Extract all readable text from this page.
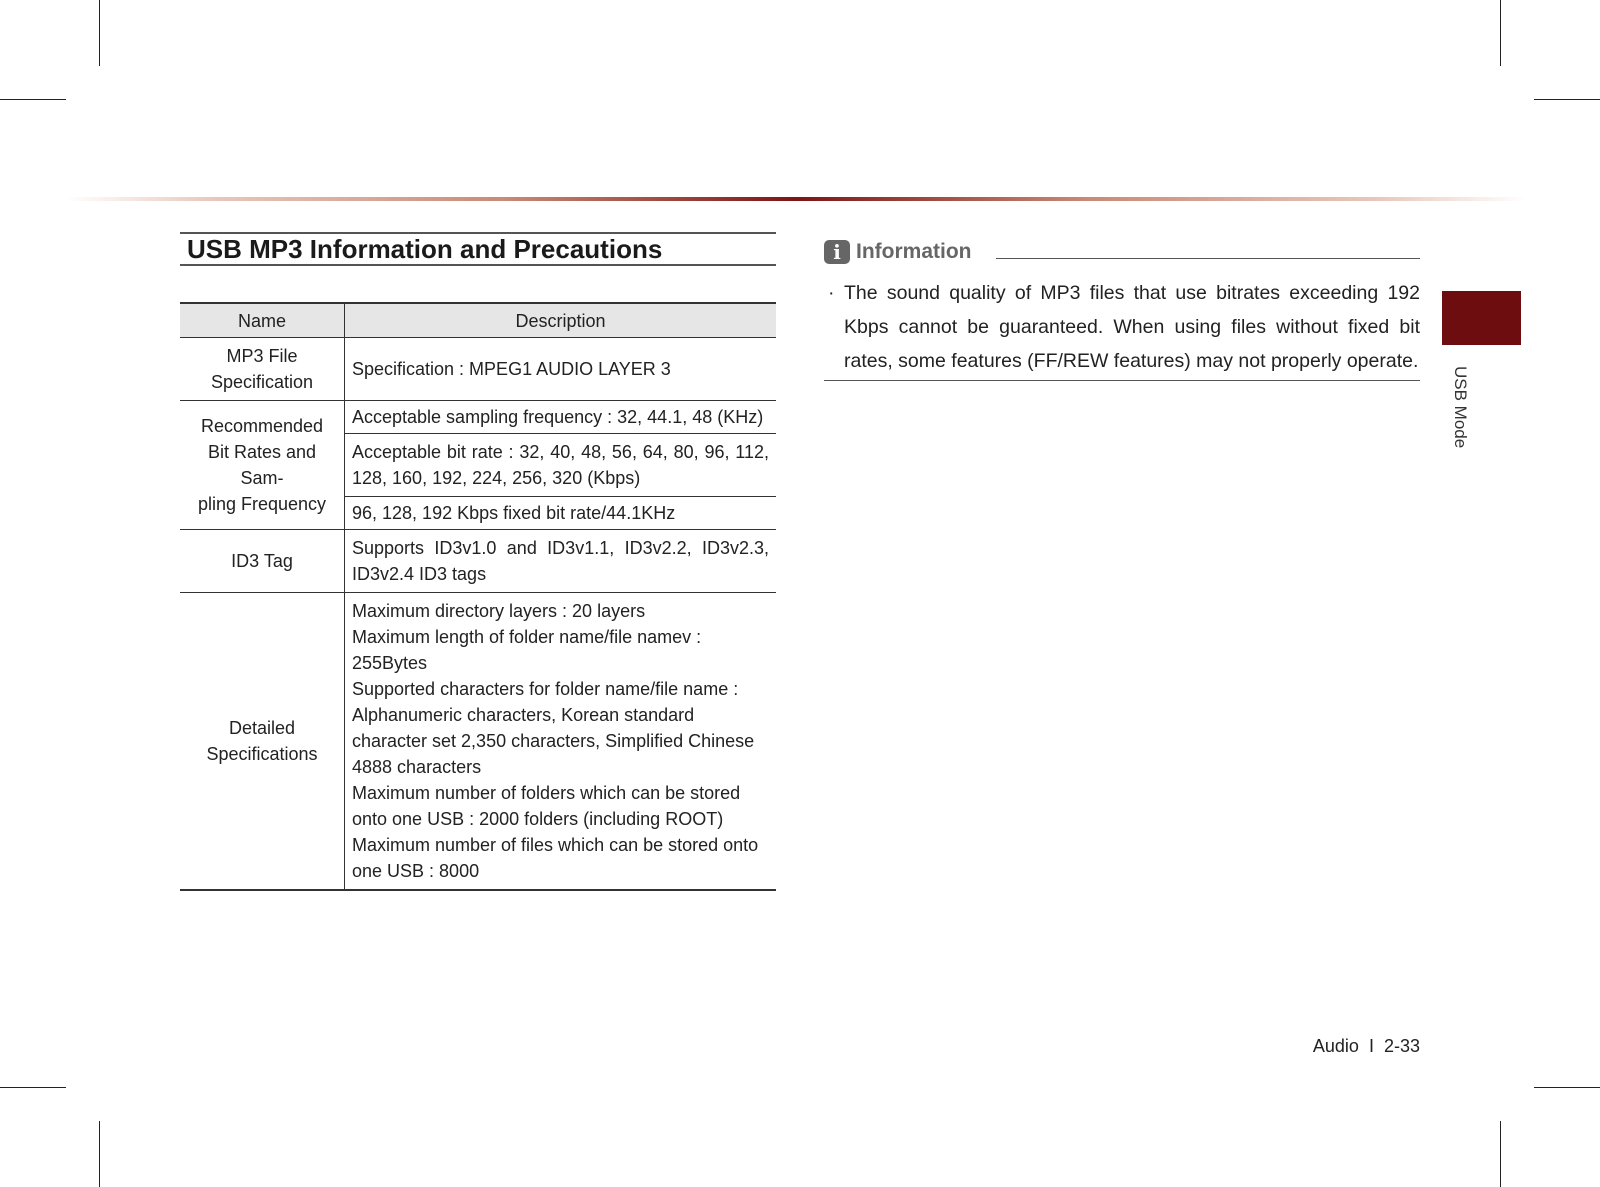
USB MP3 Information and Precautions
Name	Description

MP3 File
Specification	Specification : MPEG1 AUDIO LAYER 3

Recommended
Bit Rates and Sam-
pling Frequency	Acceptable sampling frequency : 32, 44.1, 48 (KHz)
	Acceptable bit rate : 32, 40, 48, 56, 64, 80, 96, 112, 128, 160, 192, 224, 256, 320 (Kbps)
	96, 128, 192 Kbps fixed bit rate/44.1KHz

ID3 Tag	Supports ID3v1.0 and ID3v1.1, ID3v2.2, ID3v2.3, ID3v2.4 ID3 tags

Detailed
Specifications	Maximum directory layers : 20 layers
Maximum length of folder name/file namev : 255Bytes
Supported characters for folder name/file name : Alphanumeric characters, Korean standard character set 2,350 characters, Simplified Chinese 4888 characters
Maximum number of folders which can be stored onto one USB : 2000 folders (including ROOT)
Maximum number of files which can be stored onto one USB : 8000
i Information
· The sound quality of MP3 files that use bitrates exceeding 192 Kbps cannot be guaranteed. When using files without fixed bit rates, some features (FF/REW features) may not properly operate.
USB Mode
Audio I 2-33
